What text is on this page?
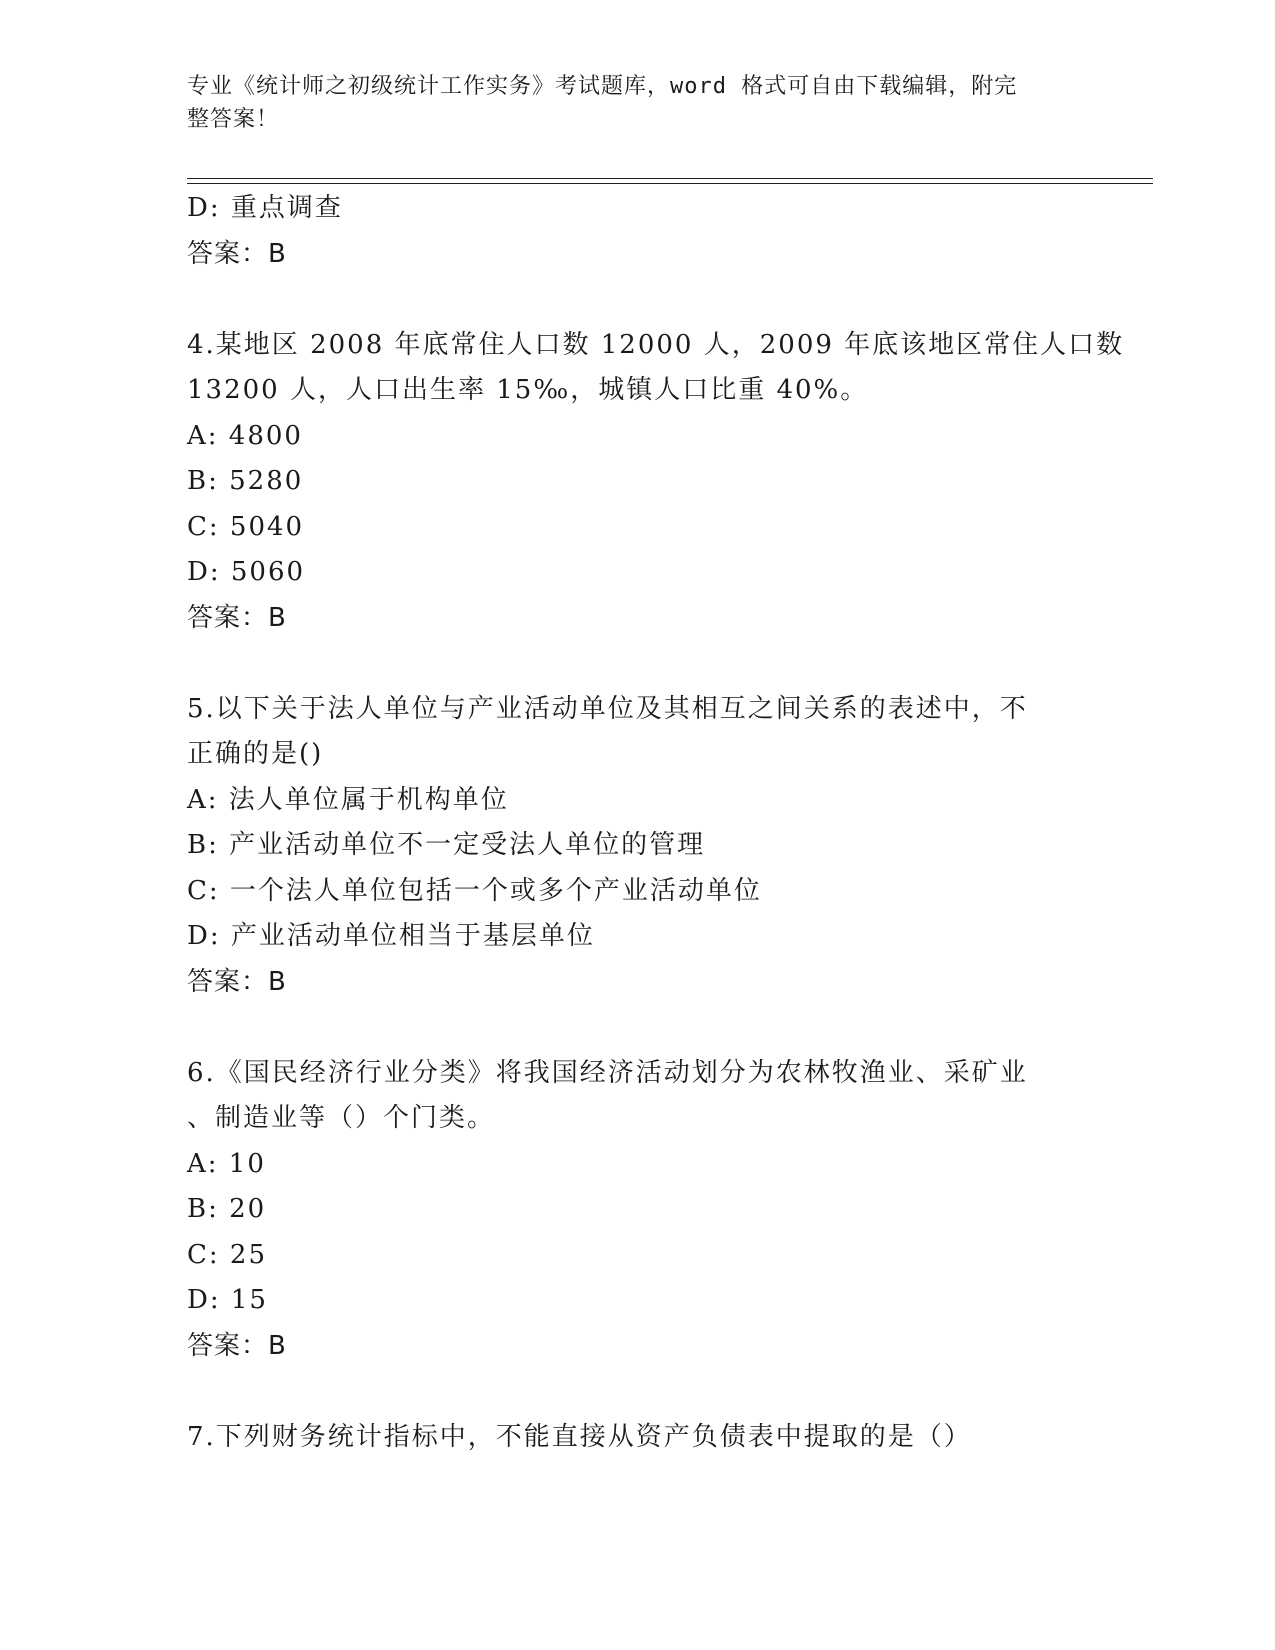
专业《统计师之初级统计工作实务》考试题库，word 格式可自由下载编辑，附完
整答案！
D: 重点调查
答案：B
4.某地区 2008 年底常住人口数 12000 人，2009 年底该地区常住人口数
13200 人，人口出生率 15‰，城镇人口比重 40%。
A: 4800
B: 5280
C: 5040
D: 5060
答案：B
5.以下关于法人单位与产业活动单位及其相互之间关系的表述中，不
正确的是()
A: 法人单位属于机构单位
B: 产业活动单位不一定受法人单位的管理
C: 一个法人单位包括一个或多个产业活动单位
D: 产业活动单位相当于基层单位
答案：B
6.《国民经济行业分类》将我国经济活动划分为农林牧渔业、采矿业
、制造业等（）个门类。
A: 10
B: 20
C: 25
D: 15
答案：B
7.下列财务统计指标中，不能直接从资产负债表中提取的是（）
